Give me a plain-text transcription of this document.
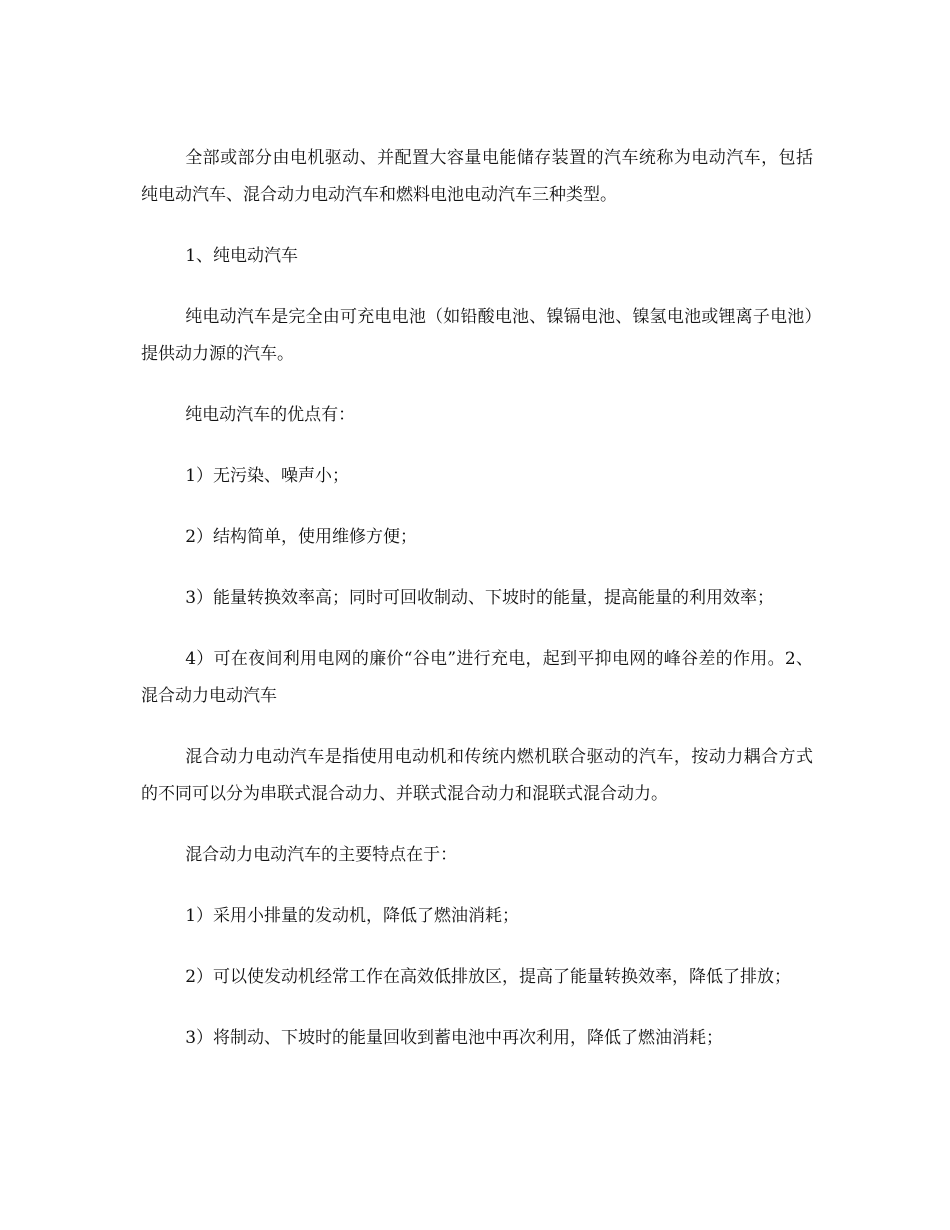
全部或部分由电机驱动、并配置大容量电能储存装置的汽车统称为电动汽车，包括纯电动汽车、混合动力电动汽车和燃料电池电动汽车三种类型。

1、纯电动汽车

纯电动汽车是完全由可充电电池（如铅酸电池、镍镉电池、镍氢电池或锂离子电池）提供动力源的汽车。

纯电动汽车的优点有：

1）无污染、噪声小；

2）结构简单，使用维修方便；

3）能量转换效率高；同时可回收制动、下坡时的能量，提高能量的利用效率；

4）可在夜间利用电网的廉价“谷电”进行充电，起到平抑电网的峰谷差的作用。2、混合动力电动汽车

混合动力电动汽车是指使用电动机和传统内燃机联合驱动的汽车，按动力耦合方式的不同可以分为串联式混合动力、并联式混合动力和混联式混合动力。

混合动力电动汽车的主要特点在于：

1）采用小排量的发动机，降低了燃油消耗；

2）可以使发动机经常工作在高效低排放区，提高了能量转换效率，降低了排放；

3）将制动、下坡时的能量回收到蓄电池中再次利用，降低了燃油消耗；
